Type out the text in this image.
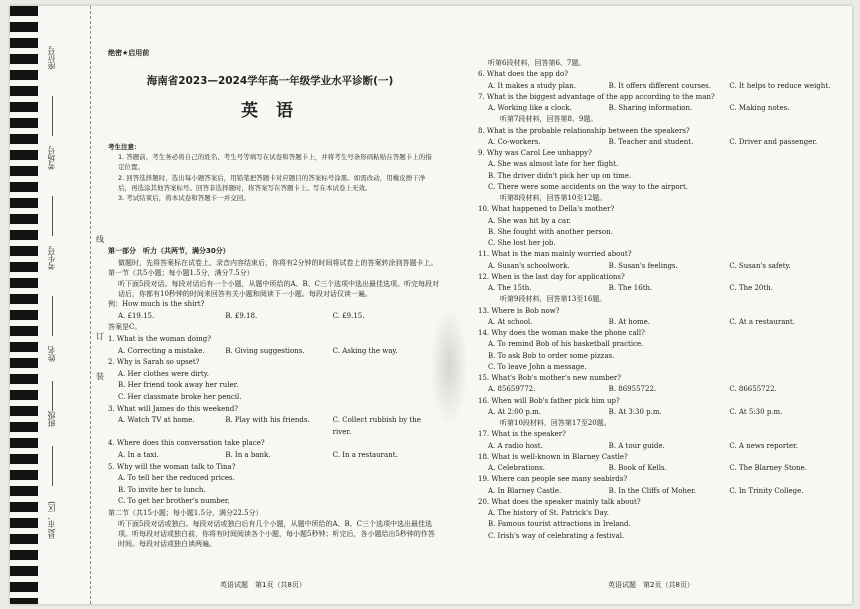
座位号
考场号
考生号
姓名
班级
县(市、区)
线
订
装
绝密★启用前
海南省2023—2024学年高一年级学业水平诊断(一)
英 语

考生注意：

1. 答题前，考生务必将自己的姓名、考生号等填写在试卷和答题卡上，并将考生号条形码粘贴在答题卡上的指定位置。

2. 回答选择题时，选出每小题答案后，用铅笔把答题卡对应题目的答案标号涂黑。如需改动，用橡皮擦干净后，再选涂其他答案标号。回答非选择题时，将答案写在答题卡上。写在本试卷上无效。

3. 考试结束后，将本试卷和答题卡一并交回。

第一部分　听力（共两节，满分30分）

做题时，先将答案标在试卷上。录音内容结束后，你将有2分钟的时间将试卷上的答案转涂到答题卡上。

第一节（共5小题；每小题1.5分，满分7.5分）

听下面5段对话。每段对话后有一个小题，从题中所给的A、B、C三个选项中选出最佳选项。听完每段对话后，你都有10秒钟的时间来回答有关小题和阅读下一小题。每段对话仅读一遍。

例：How much is the shirt?

A. £19.15.	B. £9.18.	C. £9.15.

答案是C。

1. What is the woman doing?

A. Correcting a mistake.	B. Giving suggestions.	C. Asking the way.

2. Why is Sarah so upset?

A. Her clothes were dirty.

B. Her friend took away her ruler.

C. Her classmate broke her pencil.

3. What will James do this weekend?

A. Watch TV at home.	B. Play with his friends.	C. Collect rubbish by the river.

4. Where does this conversation take place?

A. In a taxi.	B. In a bank.	C. In a restaurant.

5. Why will the woman talk to Tina?

A. To tell her the reduced prices.

B. To invite her to lunch.

C. To get her brother's number.

第二节（共15小题；每小题1.5分，满分22.5分）

听下面5段对话或独白。每段对话或独白后有几个小题，从题中所给的A、B、C三个选项中选出最佳选项。听每段对话或独白前，你将有时间阅读各个小题，每小题5秒钟；听完后，各小题给出5秒钟的作答时间。每段对话或独白读两遍。

英语试题　第1页（共8页）

听第6段材料，回答第6、7题。

6. What does the app do?

A. It makes a study plan.	B. It offers different courses.	C. It helps to reduce weight.

7. What is the biggest advantage of the app according to the man?

A. Working like a clock.	B. Sharing information.	C. Making notes.

听第7段材料，回答第8、9题。

8. What is the probable relationship between the speakers?

A. Co-workers.	B. Teacher and student.	C. Driver and passenger.

9. Why was Carol Lee unhappy?

A. She was almost late for her flight.

B. The driver didn't pick her up on time.

C. There were some accidents on the way to the airport.

听第8段材料，回答第10至12题。

10. What happened to Della's mother?

A. She was hit by a car.

B. She fought with another person.

C. She lost her job.

11. What is the man mainly worried about?

A. Susan's schoolwork.	B. Susan's feelings.	C. Susan's safety.

12. When is the last day for applications?

A. The 15th.	B. The 16th.	C. The 20th.

听第9段材料，回答第13至16题。

13. Where is Bob now?

A. At school.	B. At home.	C. At a restaurant.

14. Why does the woman make the phone call?

A. To remind Bob of his basketball practice.

B. To ask Bob to order some pizzas.

C. To leave John a message.

15. What's Bob's mother's new number?

A. 85659772.	B. 86955722.	C. 86655722.

16. When will Bob's father pick him up?

A. At 2:00 p.m.	B. At 3:30 p.m.	C. At 5:30 p.m.

听第10段材料，回答第17至20题。

17. What is the speaker?

A. A radio host.	B. A tour guide.	C. A news reporter.

18. What is well-known in Blarney Castle?

A. Celebrations.	B. Book of Kells.	C. The Blarney Stone.

19. Where can people see many seabirds?

A. In Blarney Castle.	B. In the Cliffs of Moher.	C. In Trinity College.

20. What does the speaker mainly talk about?

A. The history of St. Patrick's Day.

B. Famous tourist attractions in Ireland.

C. Irish's way of celebrating a festival.

英语试题　第2页（共8页）
